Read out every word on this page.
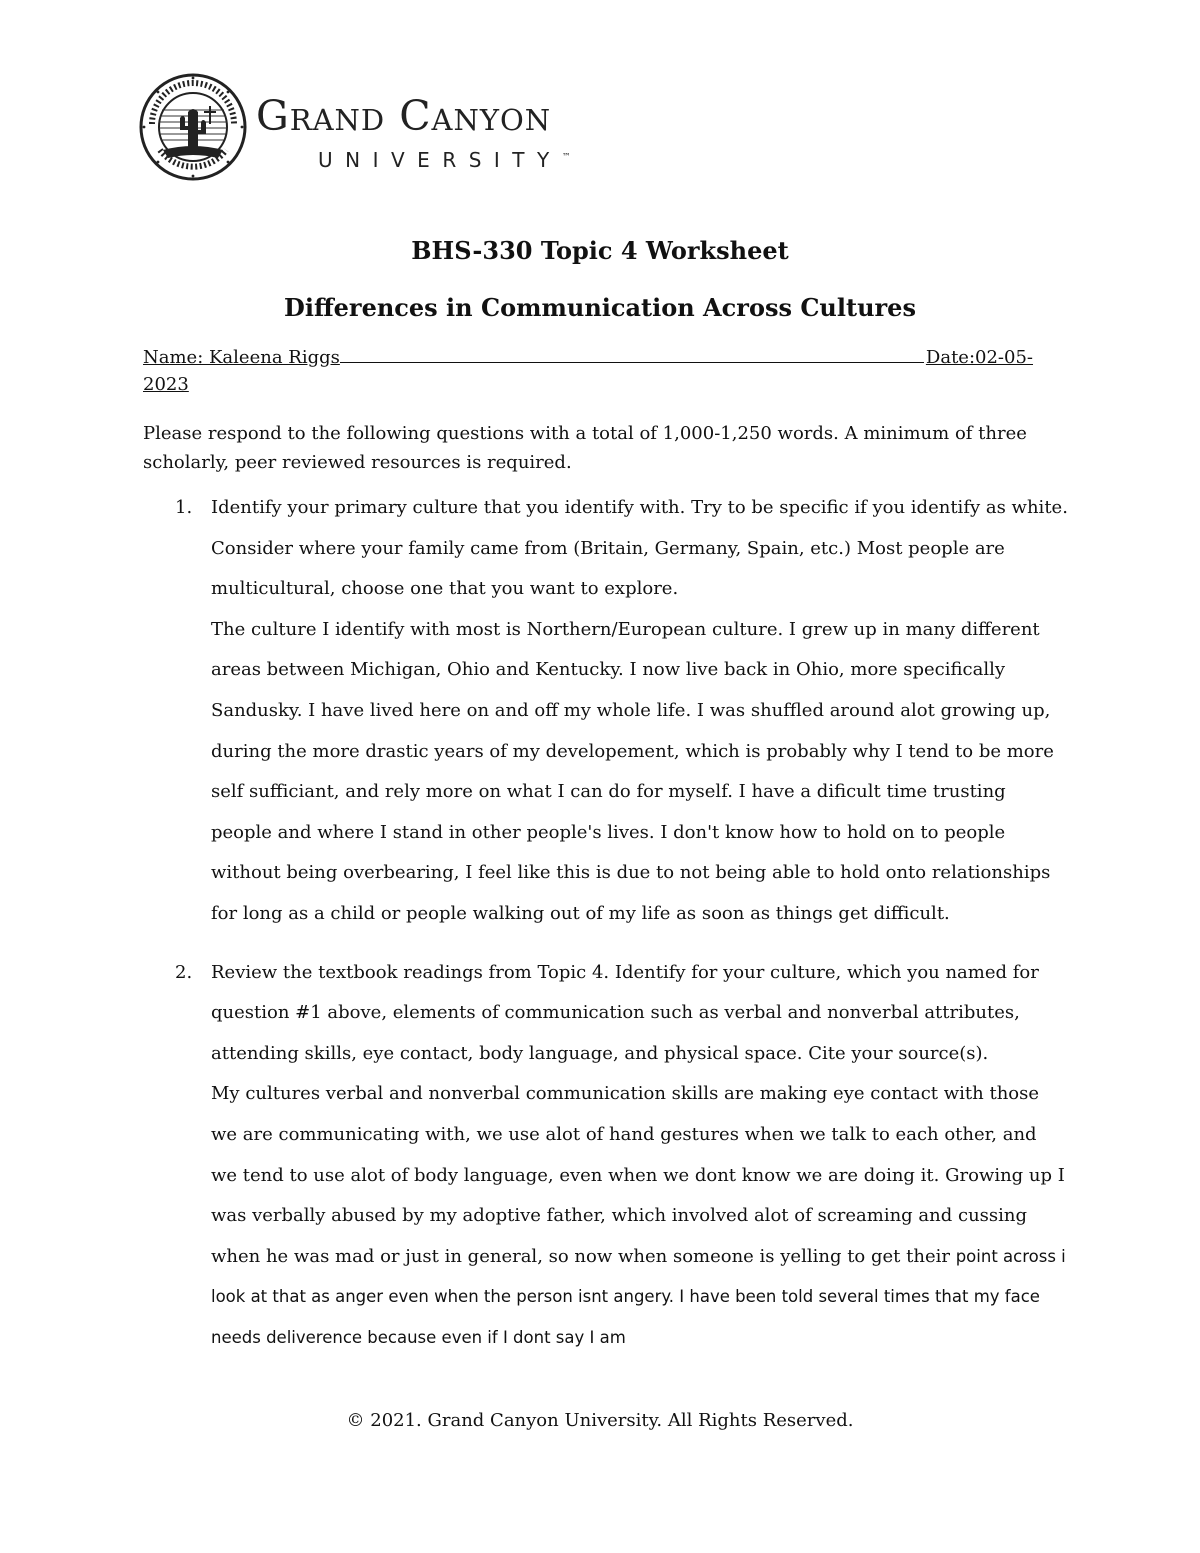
Grand Canyon
UNIVERSITY™
BHS-330 Topic 4 Worksheet
Differences in Communication Across Cultures
Name: Kaleena Riggs	Date:02-05-
2023
Please respond to the following questions with a total of 1,000-1,250 words. A minimum of three scholarly, peer reviewed resources is required.
1. Identify your primary culture that you identify with. Try to be specific if you identify as white. Consider where your family came from (Britain, Germany, Spain, etc.) Most people are multicultural, choose one that you want to explore.
The culture I identify with most is Northern/European culture. I grew up in many different areas between Michigan, Ohio and Kentucky. I now live back in Ohio, more specifically Sandusky. I have lived here on and off my whole life. I was shuffled around alot growing up, during the more drastic years of my developement, which is probably why I tend to be more self sufficiant, and rely more on what I can do for myself. I have a dificult time trusting people and where I stand in other people's lives. I don't know how to hold on to people without being overbearing, I feel like this is due to not being able to hold onto relationships for long as a child or people walking out of my life as soon as things get difficult.
2. Review the textbook readings from Topic 4. Identify for your culture, which you named for question #1 above, elements of communication such as verbal and nonverbal attributes, attending skills, eye contact, body language, and physical space. Cite your source(s).         My cultures verbal and nonverbal communication skills are making eye contact with those we are communicating with, we use alot of hand gestures when we talk to each other, and we tend to use alot of body language, even when we dont know we are doing it. Growing up I was verbally abused by my adoptive father, which involved alot of screaming and cussing when he was mad or just in general, so now when someone is yelling to get their point across i look at that as anger even when the person isnt angery. I have been told several times that my face needs deliverence because even if I dont say I am
© 2021. Grand Canyon University. All Rights Reserved.
